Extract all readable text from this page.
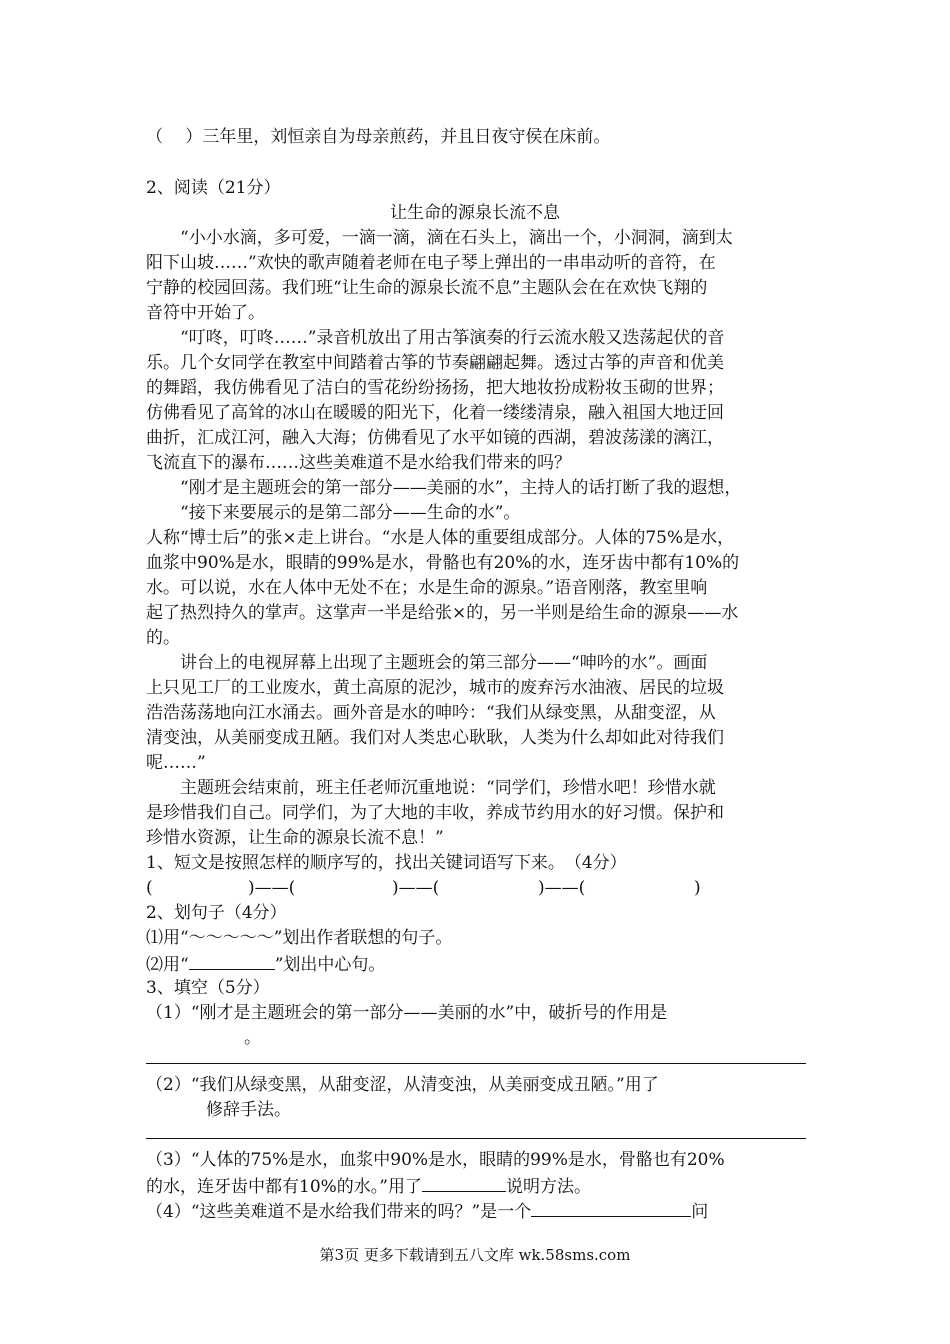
（　 ）三年里，刘恒亲自为母亲煎药，并且日夜守侯在床前。
2、阅读（21分）
让生命的源泉长流不息
　　“小小水滴，多可爱，一滴一滴，滴在石头上，滴出一个，小洞洞，滴到太
阳下山坡……”欢快的歌声随着老师在电子琴上弹出的一串串动听的音符，在
宁静的校园回荡。我们班“让生命的源泉长流不息”主题队会在在欢快飞翔的
音符中开始了。
　　“叮咚，叮咚……”录音机放出了用古筝演奏的行云流水般又迭荡起伏的音
乐。几个女同学在教室中间踏着古筝的节奏翩翩起舞。透过古筝的声音和优美
的舞蹈，我仿佛看见了洁白的雪花纷纷扬扬，把大地妆扮成粉妆玉砌的世界；
仿佛看见了高耸的冰山在暖暖的阳光下，化着一缕缕清泉，融入祖国大地迂回
曲折，汇成江河，融入大海；仿佛看见了水平如镜的西湖，碧波荡漾的漓江，
飞流直下的瀑布……这些美难道不是水给我们带来的吗？
　　“刚才是主题班会的第一部分——美丽的水”，主持人的话打断了我的遐想，
　　“接下来要展示的是第二部分——生命的水”。
人称“博士后”的张×走上讲台。“水是人体的重要组成部分。人体的75%是水，
血浆中90%是水，眼睛的99%是水，骨骼也有20%的水，连牙齿中都有10%的
水。可以说，水在人体中无处不在；水是生命的源泉。”语音刚落，教室里响
起了热烈持久的掌声。这掌声一半是给张×的，另一半则是给生命的源泉——水
的。
　　讲台上的电视屏幕上出现了主题班会的第三部分——“呻吟的水”。画面
上只见工厂的工业废水，黄土高原的泥沙，城市的废弃污水油液、居民的垃圾
浩浩荡荡地向江水涌去。画外音是水的呻吟：“我们从绿变黑，从甜变涩，从
清变浊，从美丽变成丑陋。我们对人类忠心耿耿，人类为什么却如此对待我们
呢……”
　　主题班会结束前，班主任老师沉重地说：“同学们，珍惜水吧！珍惜水就
是珍惜我们自己。同学们，为了大地的丰收，养成节约用水的好习惯。保护和
珍惜水资源，让生命的源泉长流不息！”
1、短文是按照怎样的顺序写的，找出关键词语写下来。　（4分）
(	)——(	)——(	)——(	)
2、划句子（4分）
⑴用“～～～～～”划出作者联想的句子。
⑵用“	”划出中心句。
3、填空（5分）
（1）“刚才是主题班会的第一部分——美丽的水”中，破折号的作用是
。
（2）“我们从绿变黑，从甜变涩，从清变浊，从美丽变成丑陋。”用了
修辞手法。
（3）“人体的75%是水，血浆中90%是水，眼睛的99%是水，骨骼也有20%
的水，连牙齿中都有10%的水。”用了	说明方法。
（4）“这些美难道不是水给我们带来的吗？”是一个	问
第3页 更多下载请到五八文库 wk.58sms.com
